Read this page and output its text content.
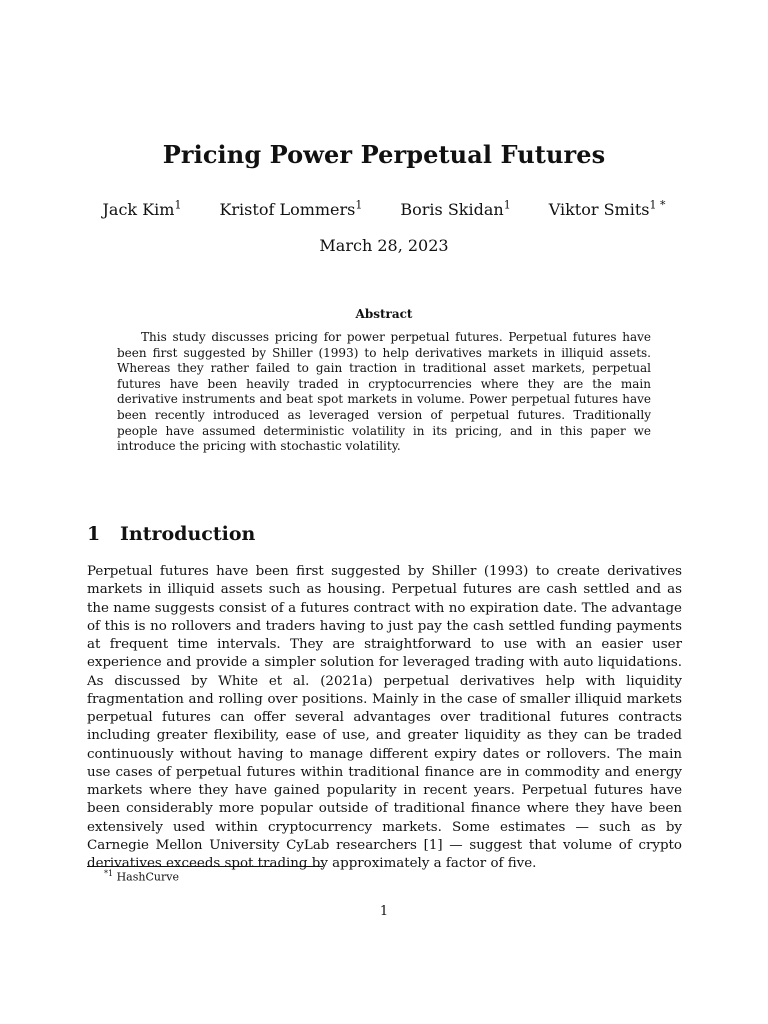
Pricing Power Perpetual Futures
Jack Kim$^1$ Kristof Lommers$^1$ Boris Skidan$^1$ Viktor Smits$^{1 *}$
March 28, 2023
Abstract
This study discusses pricing for power perpetual futures. Perpetual futures have been first suggested by Shiller (1993) to help derivatives markets in illiquid assets. Whereas they rather failed to gain traction in traditional asset markets, perpetual futures have been heavily traded in cryptocurrencies where they are the main derivative instruments and beat spot markets in volume. Power perpetual futures have been recently introduced as leveraged version of perpetual futures. Traditionally people have assumed deterministic volatility in its pricing, and in this paper we introduce the pricing with stochastic volatility.
1 Introduction
Perpetual futures have been first suggested by Shiller (1993) to create derivatives markets in illiquid assets such as housing. Perpetual futures are cash settled and as the name suggests consist of a futures contract with no expiration date. The advantage of this is no rollovers and traders having to just pay the cash settled funding payments at frequent time intervals. They are straightforward to use with an easier user experience and provide a simpler solution for leveraged trading with auto liquidations. As discussed by White et al. (2021a) perpetual derivatives help with liquidity fragmentation and rolling over positions. Mainly in the case of smaller illiquid markets perpetual futures can offer several advantages over traditional futures contracts including greater flexibility, ease of use, and greater liquidity as they can be traded continuously without having to manage different expiry dates or rollovers. The main use cases of perpetual futures within traditional finance are in commodity and energy markets where they have gained popularity in recent years. Perpetual futures have been considerably more popular outside of traditional finance where they have been extensively used within cryptocurrency markets. Some estimates — such as by Carnegie Mellon University CyLab researchers [1] — suggest that volume of crypto derivatives exceeds spot trading by approximately a factor of five.
$^{*1}$ HashCurve
1
